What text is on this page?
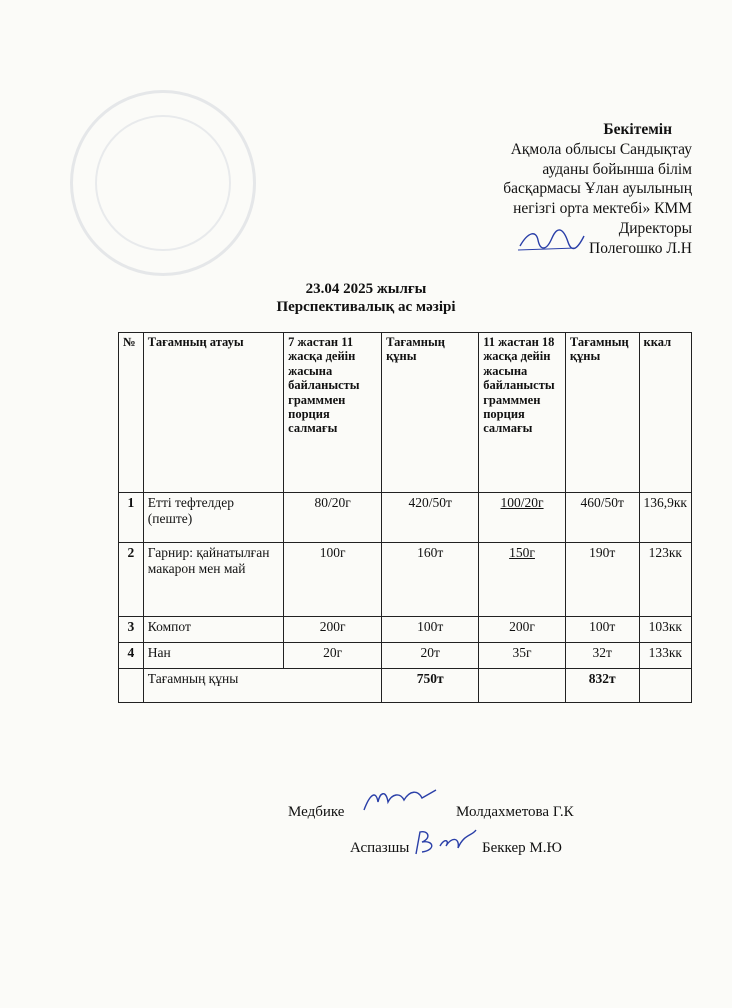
Бекітемін
Ақмола облысы Сандықтау
ауданы бойынша білім
басқармасы Ұлан ауылының
негізгі орта мектебі» КММ
Директоры
Полегошко Л.Н
23.04 2025 жылғы
Перспективалық ас мәзірі
№	Тағамның атауы	7 жастан 11 жасқа дейін жасына байланысты грамммен порция салмағы	Тағамның құны	11 жастан 18 жасқа дейін жасына байланысты грамммен порция салмағы	Тағамның құны	ккал
1	Етті тефтелдер (пеште)	80/20г	420/50т	100/20г	460/50т	136,9кк
2	Гарнир: қайнатылған макарон мен май	100г	160т	150г	190т	123кк
3	Компот	200г	100т	200г	100т	103кк
4	Нан	20г	20т	35г	32т	133кк
	Тағамның құны		750т		832т	
Медбике	Молдахметова Г.К
Аспазшы	Беккер М.Ю
